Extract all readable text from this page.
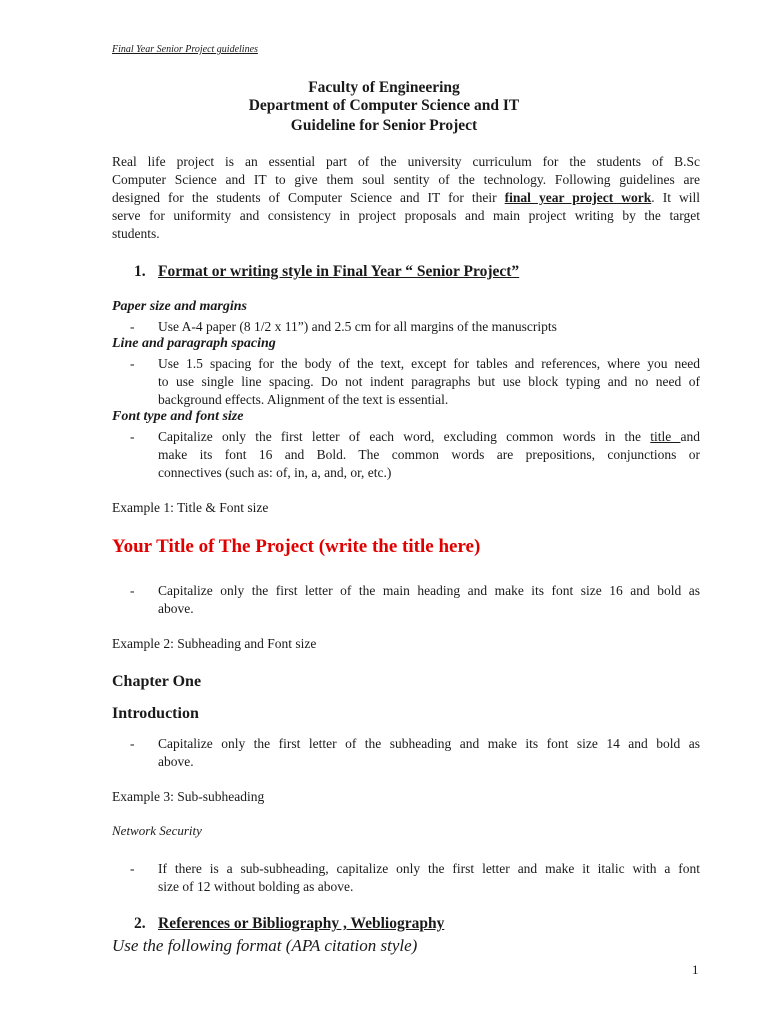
Final Year Senior Project guidelines
Faculty of Engineering
Department of Computer Science and IT
Guideline for Senior Project
Real life project is an essential part of the university curriculum for the students of B.Sc
Computer Science and IT to give them soul sentity of the technology. Following guidelines are
designed for the students of Computer Science and IT for their final year project work. It will
serve for uniformity and consistency in project proposals and main project writing by the target
students.
1. Format or writing style in Final Year “ Senior Project”
Paper size and margins
- Use A-4 paper (8 1/2 x 11”) and 2.5 cm for all margins of the manuscripts
Line and paragraph spacing
- Use 1.5 spacing for the body of the text, except for tables and references, where you need
to use single line spacing. Do not indent paragraphs but use block typing and no need of
background effects. Alignment of the text is essential.
Font type and font size
- Capitalize only the first letter of each word, excluding common words in the title and
make its font 16 and Bold. The common words are prepositions, conjunctions or
connectives (such as: of, in, a, and, or, etc.)
Example 1: Title & Font size
Your Title of The Project (write the title here)
- Capitalize only the first letter of the main heading and make its font size 16 and bold as
above.
Example 2: Subheading and Font size
Chapter One
Introduction
- Capitalize only the first letter of the subheading and make its font size 14 and bold as
above.
Example 3: Sub-subheading
Network Security
- If there is a sub-subheading, capitalize only the first letter and make it italic with a font
size of 12 without bolding as above.
2. References or Bibliography , Webliography
Use the following format (APA citation style)
1
